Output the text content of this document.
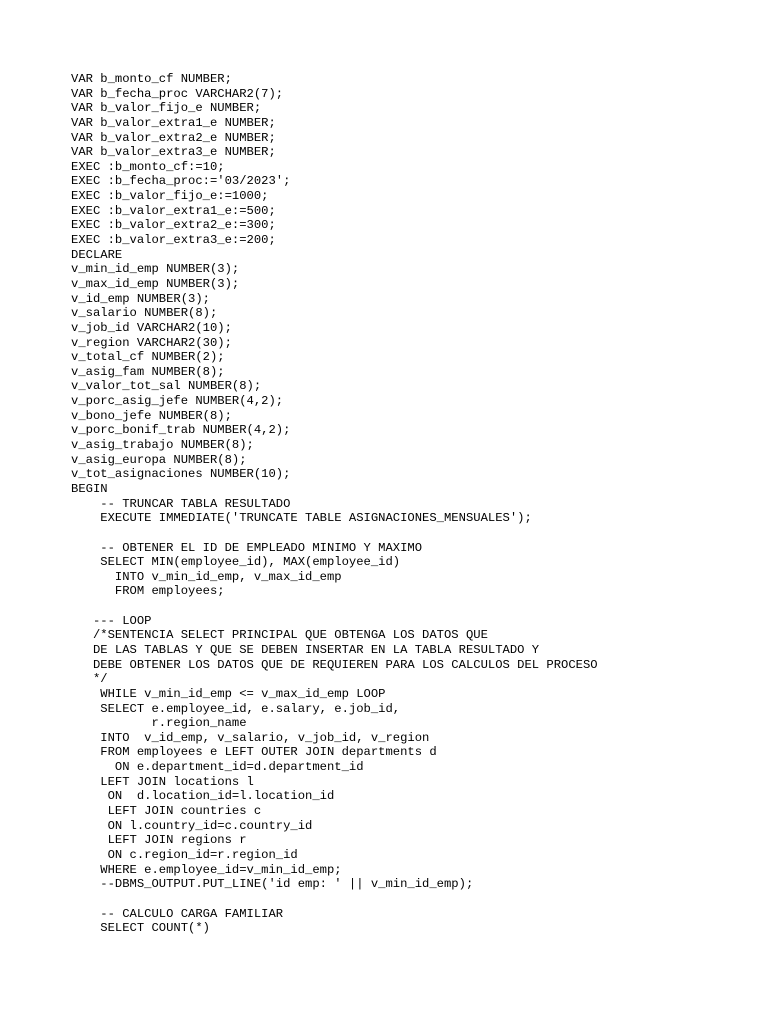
VAR b_monto_cf NUMBER;
VAR b_fecha_proc VARCHAR2(7);
VAR b_valor_fijo_e NUMBER;
VAR b_valor_extra1_e NUMBER;
VAR b_valor_extra2_e NUMBER;
VAR b_valor_extra3_e NUMBER;
EXEC :b_monto_cf:=10;
EXEC :b_fecha_proc:='03/2023';
EXEC :b_valor_fijo_e:=1000;
EXEC :b_valor_extra1_e:=500;
EXEC :b_valor_extra2_e:=300;
EXEC :b_valor_extra3_e:=200;
DECLARE
v_min_id_emp NUMBER(3);
v_max_id_emp NUMBER(3);
v_id_emp NUMBER(3);
v_salario NUMBER(8);
v_job_id VARCHAR2(10);
v_region VARCHAR2(30);
v_total_cf NUMBER(2);
v_asig_fam NUMBER(8);
v_valor_tot_sal NUMBER(8);
v_porc_asig_jefe NUMBER(4,2);
v_bono_jefe NUMBER(8);
v_porc_bonif_trab NUMBER(4,2);
v_asig_trabajo NUMBER(8);
v_asig_europa NUMBER(8);
v_tot_asignaciones NUMBER(10);
BEGIN
-- TRUNCAR TABLA RESULTADO
EXECUTE IMMEDIATE('TRUNCATE TABLE ASIGNACIONES_MENSUALES');
-- OBTENER EL ID DE EMPLEADO MINIMO Y MAXIMO
SELECT MIN(employee_id), MAX(employee_id)
INTO v_min_id_emp, v_max_id_emp
FROM employees;
--- LOOP
/*SENTENCIA SELECT PRINCIPAL QUE OBTENGA LOS DATOS QUE
DE LAS TABLAS Y QUE SE DEBEN INSERTAR EN LA TABLA RESULTADO Y
DEBE OBTENER LOS DATOS QUE DE REQUIEREN PARA LOS CALCULOS DEL PROCESO
*/
WHILE v_min_id_emp <= v_max_id_emp LOOP
SELECT e.employee_id, e.salary, e.job_id,
r.region_name
INTO  v_id_emp, v_salario, v_job_id, v_region
FROM employees e LEFT OUTER JOIN departments d
ON e.department_id=d.department_id
LEFT JOIN locations l
ON  d.location_id=l.location_id
LEFT JOIN countries c
ON l.country_id=c.country_id
LEFT JOIN regions r
ON c.region_id=r.region_id
WHERE e.employee_id=v_min_id_emp;
--DBMS_OUTPUT.PUT_LINE('id emp: ' || v_min_id_emp);
-- CALCULO CARGA FAMILIAR
SELECT COUNT(*)
